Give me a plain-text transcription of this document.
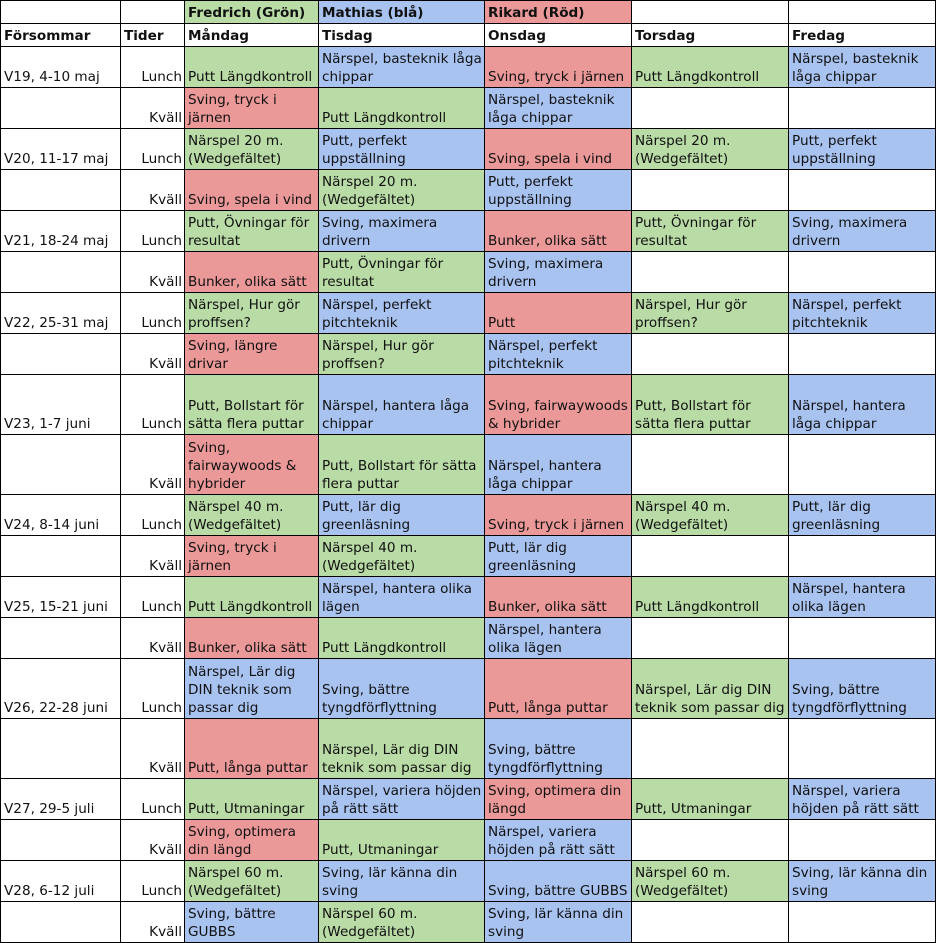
		Fredrich (Grön)	Mathias (blå)	Rikard (Röd)		
Försommar	Tider	Måndag	Tisdag	Onsdag	Torsdag	Fredag
V19, 4-10 maj	Lunch	Putt Längdkontroll	Närspel, basteknik låga chippar	Sving, tryck i järnen	Putt Längdkontroll	Närspel, basteknik låga chippar
	Kväll	Sving, tryck i järnen	Putt Längdkontroll	Närspel, basteknik låga chippar		
V20, 11-17 maj	Lunch	Närspel 20 m. (Wedgefältet)	Putt, perfekt uppställning	Sving, spela i vind	Närspel 20 m. (Wedgefältet)	Putt, perfekt uppställning
	Kväll	Sving, spela i vind	Närspel 20 m. (Wedgefältet)	Putt, perfekt uppställning		
V21, 18-24 maj	Lunch	Putt, Övningar för resultat	Sving, maximera drivern	Bunker, olika sätt	Putt, Övningar för resultat	Sving, maximera drivern
	Kväll	Bunker, olika sätt	Putt, Övningar för resultat	Sving, maximera drivern		
V22, 25-31 maj	Lunch	Närspel, Hur gör proffsen?	Närspel, perfekt pitchteknik	Putt	Närspel, Hur gör proffsen?	Närspel, perfekt pitchteknik
	Kväll	Sving, längre drivar	Närspel, Hur gör proffsen?	Närspel, perfekt pitchteknik		
V23, 1-7 juni	Lunch	Putt, Bollstart för sätta flera puttar	Närspel, hantera låga chippar	Sving, fairwaywoods & hybrider	Putt, Bollstart för sätta flera puttar	Närspel, hantera låga chippar
	Kväll	Sving, fairwaywoods & hybrider	Putt, Bollstart för sätta flera puttar	Närspel, hantera låga chippar		
V24, 8-14 juni	Lunch	Närspel 40 m. (Wedgefältet)	Putt, lär dig greenläsning	Sving, tryck i järnen	Närspel 40 m. (Wedgefältet)	Putt, lär dig greenläsning
	Kväll	Sving, tryck i järnen	Närspel 40 m. (Wedgefältet)	Putt, lär dig greenläsning		
V25, 15-21 juni	Lunch	Putt Längdkontroll	Närspel, hantera olika lägen	Bunker, olika sätt	Putt Längdkontroll	Närspel, hantera olika lägen
	Kväll	Bunker, olika sätt	Putt Längdkontroll	Närspel, hantera olika lägen		
V26, 22-28 juni	Lunch	Närspel, Lär dig DIN teknik som passar dig	Sving, bättre tyngdförflyttning	Putt, långa puttar	Närspel, Lär dig DIN teknik som passar dig	Sving, bättre tyngdförflyttning
	Kväll	Putt, långa puttar	Närspel, Lär dig DIN teknik som passar dig	Sving, bättre tyngdförflyttning		
V27, 29-5 juli	Lunch	Putt, Utmaningar	Närspel, variera höjden på rätt sätt	Sving, optimera din längd	Putt, Utmaningar	Närspel, variera höjden på rätt sätt
	Kväll	Sving, optimera din längd	Putt, Utmaningar	Närspel, variera höjden på rätt sätt		
V28, 6-12 juli	Lunch	Närspel 60 m. (Wedgefältet)	Sving, lär känna din sving	Sving, bättre GUBBS	Närspel 60 m. (Wedgefältet)	Sving, lär känna din sving
	Kväll	Sving, bättre GUBBS	Närspel 60 m. (Wedgefältet)	Sving, lär känna din sving		
